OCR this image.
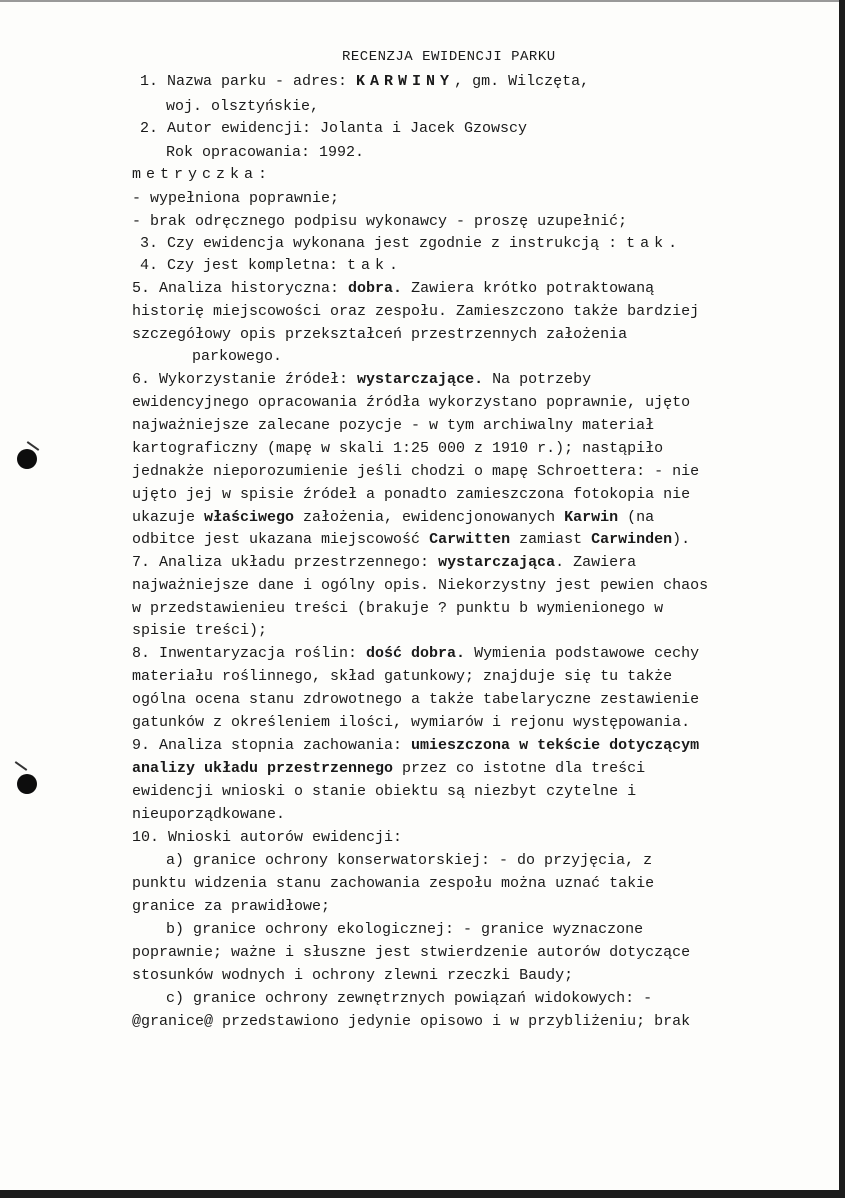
RECENZJA EWIDENCJI PARKU
1. Nazwa parku - adres: KARWINY, gm. Wilczęta,
woj. olsztyńskie,
2. Autor ewidencji: Jolanta i Jacek Gzowscy
Rok opracowania: 1992.
metryczka:
- wypełniona poprawnie;
- brak odręcznego podpisu wykonawcy - proszę uzupełnić;
3. Czy ewidencja wykonana jest zgodnie z instrukcją : tak.
4. Czy jest kompletna: tak.
5. Analiza historyczna: dobra. Zawiera krótko potraktowaną
historię miejscowości oraz zespołu. Zamieszczono także bardziej
szczegółowy opis przekształceń przestrzennych założenia
parkowego.
6. Wykorzystanie źródeł: wystarczające. Na potrzeby
ewidencyjnego opracowania źródła wykorzystano poprawnie, ujęto
najważniejsze zalecane pozycje - w tym archiwalny materiał
kartograficzny (mapę w skali 1:25 000 z 1910 r.); nastąpiło
jednakże nieporozumienie jeśli chodzi o mapę Schroettera: - nie
ujęto jej w spisie źródeł a ponadto zamieszczona fotokopia nie
ukazuje właściwego założenia, ewidencjonowanych Karwin (na
odbitce jest ukazana miejscowość Carwitten zamiast Carwinden).
7. Analiza układu przestrzennego: wystarczająca. Zawiera
najważniejsze dane i ogólny opis. Niekorzystny jest pewien chaos
w przedstawienieu treści (brakuje ? punktu b wymienionego w
spisie treści);
8. Inwentaryzacja roślin: dość dobra. Wymienia podstawowe cechy
materiału roślinnego, skład gatunkowy; znajduje się tu także
ogólna ocena stanu zdrowotnego a także tabelaryczne zestawienie
gatunków z określeniem ilości, wymiarów i rejonu występowania.
9. Analiza stopnia zachowania: umieszczona w tekście dotyczącym
analizy układu przestrzennego przez co istotne dla treści
ewidencji wnioski o stanie obiektu są niezbyt czytelne i
nieuporządkowane.
10. Wnioski autorów ewidencji:
a) granice ochrony konserwatorskiej: - do przyjęcia, z
punktu widzenia stanu zachowania zespołu można uznać takie
granice za prawidłowe;
b) granice ochrony ekologicznej: - granice wyznaczone
poprawnie; ważne i słuszne jest stwierdzenie autorów dotyczące
stosunków wodnych i ochrony zlewni rzeczki Baudy;
c) granice ochrony zewnętrznych powiązań widokowych: -
@granice@ przedstawiono jedynie opisowo i w przybliżeniu; brak
